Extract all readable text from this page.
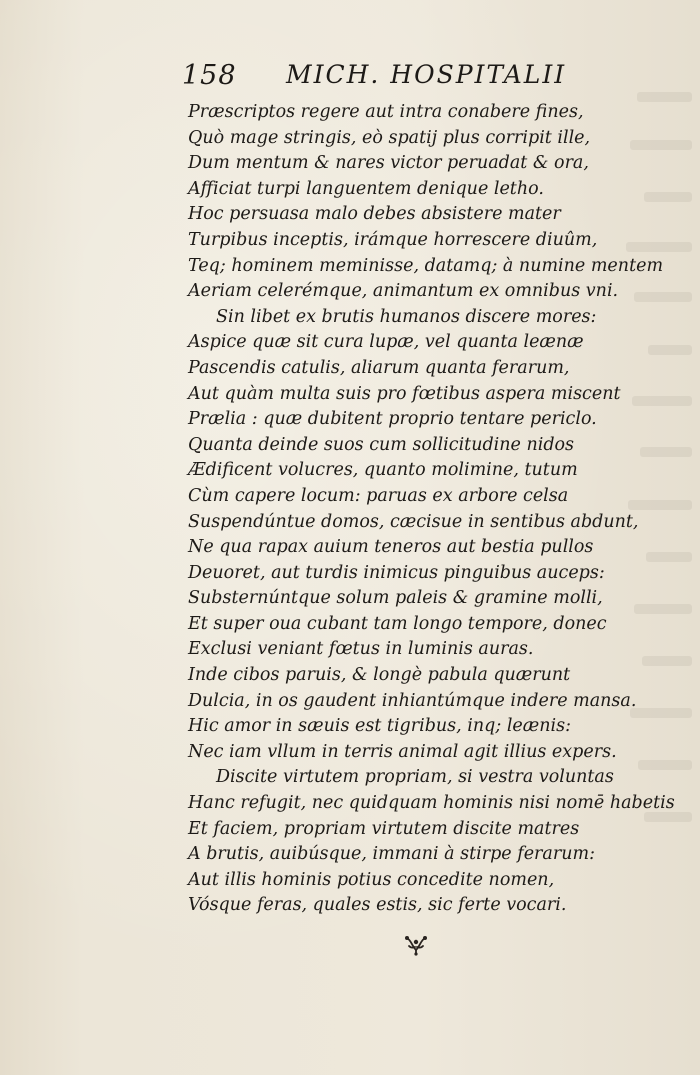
158 MICH. HOSPITALII
Præscriptos regere aut intra conabere fines,
Quò mage stringis, eò spatij plus corripit ille,
Dum mentum & nares victor peruadat & ora,
Afficiat turpi languentem denique letho.
Hoc persuasa malo debes absistere mater
Turpibus inceptis, irámque horrescere diuûm,
Teq; hominem meminisse, datamq; à numine mentem
Aeriam celerémque, animantum ex omnibus vni.
Sin libet ex brutis humanos discere mores:
Aspice quæ sit cura lupæ, vel quanta leænæ
Pascendis catulis, aliarum quanta ferarum,
Aut quàm multa suis pro fœtibus aspera miscent
Prælia : quæ dubitent proprio tentare periclo.
Quanta deinde suos cum sollicitudine nidos
Ædificent volucres, quanto molimine, tutum
Cùm capere locum: paruas ex arbore celsa
Suspendúntue domos, cæcisue in sentibus abdunt,
Ne qua rapax auium teneros aut bestia pullos
Deuoret, aut turdis inimicus pinguibus auceps:
Substernúntque solum paleis & gramine molli,
Et super oua cubant tam longo tempore, donec
Exclusi veniant fœtus in luminis auras.
Inde cibos paruis, & longè pabula quærunt
Dulcia, in os gaudent inhiantúmque indere mansa.
Hic amor in sæuis est tigribus, inq; leænis:
Nec iam vllum in terris animal agit illius expers.
Discite virtutem propriam, si vestra voluntas
Hanc refugit, nec quidquam hominis nisi nomē habetis
Et faciem, propriam virtutem discite matres
A brutis, auibúsque, immani à stirpe ferarum:
Aut illis hominis potius concedite nomen,
Vósque feras, quales estis, sic ferte vocari.
